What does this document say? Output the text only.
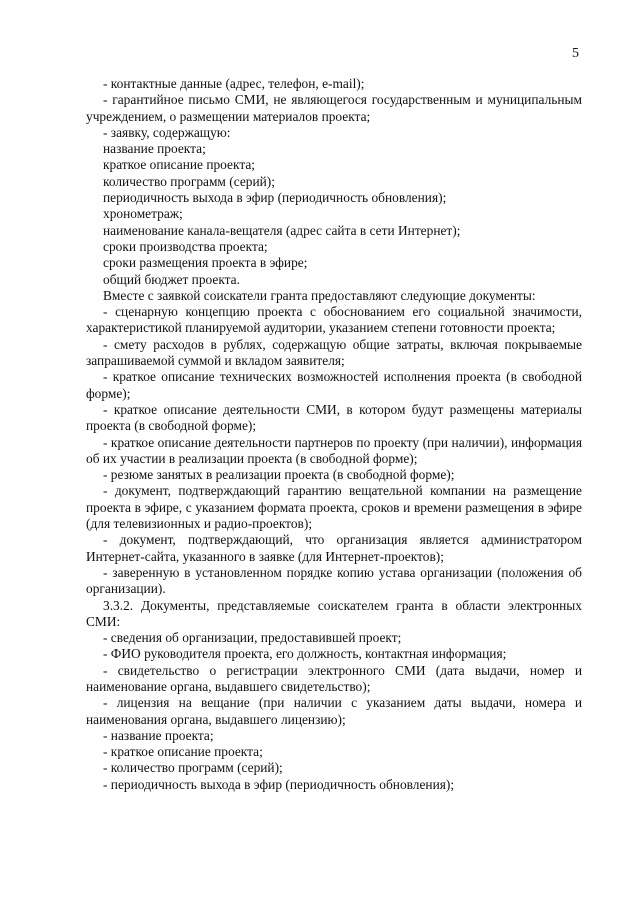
5

- контактные данные (адрес, телефон, e-mail);

- гарантийное письмо СМИ, не являющегося государственным и муниципальным учреждением, о размещении материалов проекта;

- заявку, содержащую:

название проекта;

краткое описание проекта;

количество программ (серий);

периодичность выхода в эфир (периодичность обновления);

хронометраж;

наименование канала-вещателя (адрес сайта в сети Интернет);

сроки производства проекта;

сроки размещения проекта в эфире;

общий бюджет проекта.

Вместе с заявкой соискатели гранта предоставляют следующие документы:

- сценарную концепцию проекта с обоснованием его социальной значимости, характеристикой планируемой аудитории, указанием степени готовности проекта;

- смету расходов в рублях, содержащую общие затраты, включая покрываемые запрашиваемой суммой и вкладом заявителя;

- краткое описание технических возможностей исполнения проекта (в свободной форме);

- краткое описание деятельности СМИ, в котором будут размещены материалы проекта (в свободной форме);

- краткое описание деятельности партнеров по проекту (при наличии), информация об их участии в реализации проекта (в свободной форме);

- резюме занятых в реализации проекта (в свободной форме);

- документ, подтверждающий гарантию вещательной компании на размещение проекта в эфире, с указанием формата проекта, сроков и времени размещения в эфире (для телевизионных и радио-проектов);

- документ, подтверждающий, что организация является администратором Интернет-сайта, указанного в заявке (для Интернет-проектов);

- заверенную в установленном порядке копию устава организации (положения об организации).

3.3.2. Документы, представляемые соискателем гранта в области электронных СМИ:

- сведения об организации, предоставившей проект;

- ФИО руководителя проекта, его должность, контактная информация;

- свидетельство о регистрации электронного СМИ (дата выдачи, номер и наименование органа, выдавшего свидетельство);

- лицензия на вещание (при наличии с указанием даты выдачи, номера и наименования органа, выдавшего лицензию);

- название проекта;

- краткое описание проекта;

- количество программ (серий);

- периодичность выхода в эфир (периодичность обновления);
